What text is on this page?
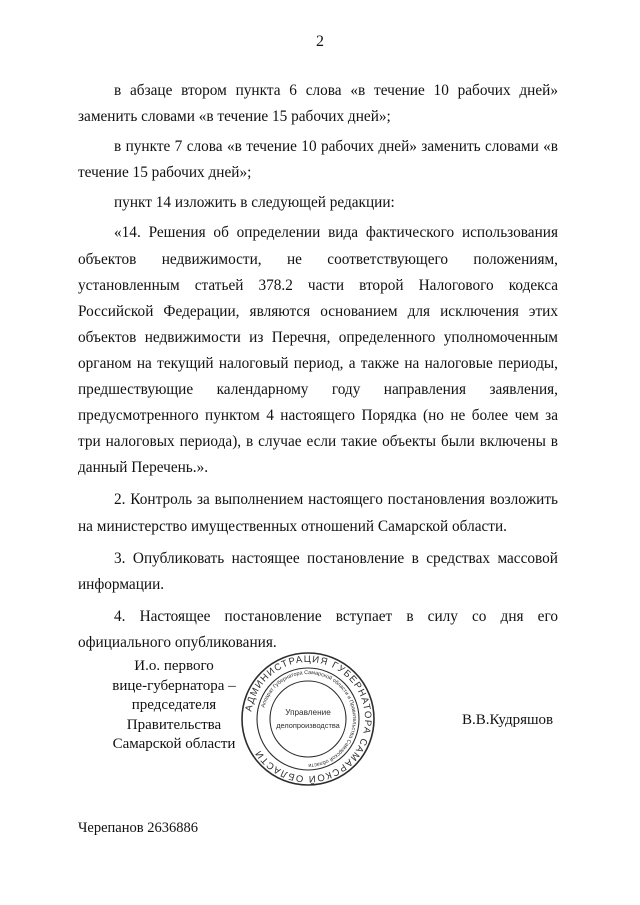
2

в абзаце втором пункта 6 слова «в течение 10 рабочих дней» заменить словами «в течение 15 рабочих дней»;

в пункте 7 слова «в течение 10 рабочих дней» заменить словами «в течение 15 рабочих дней»;

пункт 14 изложить в следующей редакции:

«14. Решения об определении вида фактического использования объектов недвижимости, не соответствующего положениям, установленным статьей 378.2 части второй Налогового кодекса Российской Федерации, являются основанием для исключения этих объектов недвижимости из Перечня, определенного уполномоченным органом на текущий налоговый период, а также на налоговые периоды, предшествующие календарному году направления заявления, предусмотренного пунктом 4 настоящего Порядка (но не более чем за три налоговых периода), в случае если такие объекты были включены в данный Перечень.».

2. Контроль за выполнением настоящего постановления возложить на министерство имущественных отношений Самарской области.

3. Опубликовать настоящее постановление в средствах массовой информации.

4. Настоящее постановление вступает в силу со дня его официального опубликования.

И.о. первого
вице-губернатора –
председателя Правительства
Самарской области
АДМИНИСТРАЦИЯ ГУБЕРНАТОРА САМАРСКОЙ ОБЛАСТИ
Аппарат Губернатора Самарской области и Правительства Самарской области
Управление
делопроизводства	В.В.Кудряшов
Черепанов 2636886
